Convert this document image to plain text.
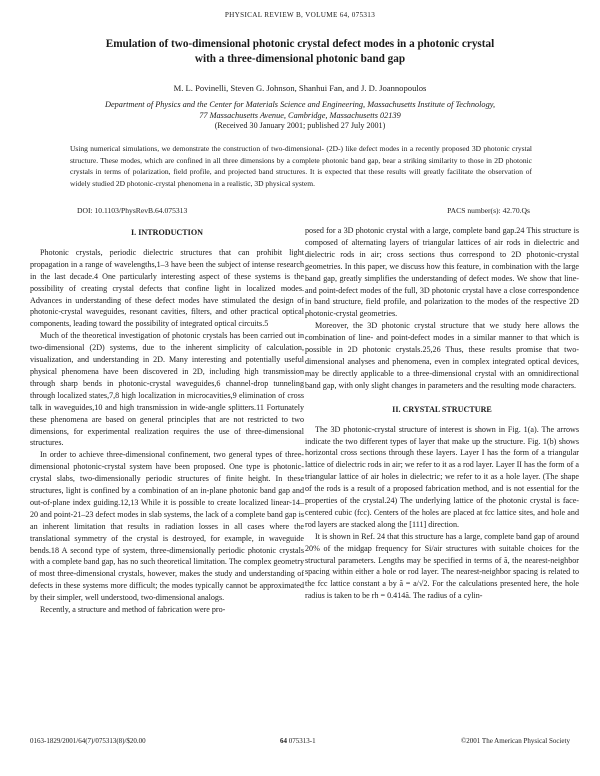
PHYSICAL REVIEW B, VOLUME 64, 075313
Emulation of two-dimensional photonic crystal defect modes in a photonic crystal
with a three-dimensional photonic band gap
M. L. Povinelli, Steven G. Johnson, Shanhui Fan, and J. D. Joannopoulos
Department of Physics and the Center for Materials Science and Engineering, Massachusetts Institute of Technology,
77 Massachusetts Avenue, Cambridge, Massachusetts 02139
(Received 30 January 2001; published 27 July 2001)
Using numerical simulations, we demonstrate the construction of two-dimensional- (2D-) like defect modes in a recently proposed 3D photonic crystal structure. These modes, which are confined in all three dimensions by a complete photonic band gap, bear a striking similarity to those in 2D photonic crystals in terms of polarization, field profile, and projected band structures. It is expected that these results will greatly facilitate the observation of widely studied 2D photonic-crystal phenomena in a realistic, 3D physical system.
DOI: 10.1103/PhysRevB.64.075313	PACS number(s): 42.70.Qs
I. INTRODUCTION

Photonic crystals, periodic dielectric structures that can prohibit light propagation in a range of wavelengths,1–3 have been the subject of intense research in the last decade.4 One particularly interesting aspect of these systems is the possibility of creating crystal defects that confine light in localized modes. Advances in understanding of these defect modes have stimulated the design of photonic-crystal waveguides, resonant cavities, filters, and other practical optical components, leading toward the possibility of integrated optical circuits.5

Much of the theoretical investigation of photonic crystals has been carried out in two-dimensional (2D) systems, due to the inherent simplicity of calculation, visualization, and understanding in 2D. Many interesting and potentially useful physical phenomena have been discovered in 2D, including high transmission through sharp bends in photonic-crystal waveguides,6 channel-drop tunneling through localized states,7,8 high localization in microcavities,9 elimination of cross talk in waveguides,10 and high transmission in wide-angle splitters.11 Fortunately these phenomena are based on general principles that are not restricted to two dimensions, for experimental realization requires the use of three-dimensional structures.

In order to achieve three-dimensional confinement, two general types of three-dimensional photonic-crystal system have been proposed. One type is photonic-crystal slabs, two-dimensionally periodic structures of finite height. In these structures, light is confined by a combination of an in-plane photonic band gap and out-of-plane index guiding.12,13 While it is possible to create localized linear-14–20 and point-21–23 defect modes in slab systems, the lack of a complete band gap is an inherent limitation that results in radiation losses in all cases where the translational symmetry of the crystal is destroyed, for example, in waveguide bends.18 A second type of system, three-dimensionally periodic photonic crystals with a complete band gap, has no such theoretical limitation. The complex geometry of most three-dimensional crystals, however, makes the study and understanding of defects in these systems more difficult; the modes typically cannot be approximated by their simpler, well understood, two-dimensional analogs.

Recently, a structure and method of fabrication were pro-

posed for a 3D photonic crystal with a large, complete band gap.24 This structure is composed of alternating layers of triangular lattices of air rods in dielectric and dielectric rods in air; cross sections thus correspond to 2D photonic-crystal geometries. In this paper, we discuss how this feature, in combination with the large band gap, greatly simplifies the understanding of defect modes. We show that line- and point-defect modes of the full, 3D photonic crystal have a close correspondence in band structure, field profile, and polarization to the modes of the respective 2D photonic-crystal geometries.

Moreover, the 3D photonic crystal structure that we study here allows the combination of line- and point-defect modes in a similar manner to that which is possible in 2D photonic crystals.25,26 Thus, these results promise that two-dimensional analyses and phenomena, even in complex integrated optical devices, may be directly applicable to a three-dimensional crystal with an omnidirectional band gap, with only slight changes in parameters and the resulting mode characters.

II. CRYSTAL STRUCTURE

The 3D photonic-crystal structure of interest is shown in Fig. 1(a). The arrows indicate the two different types of layer that make up the structure. Fig. 1(b) shows horizontal cross sections through these layers. Layer I has the form of a triangular lattice of dielectric rods in air; we refer to it as a rod layer. Layer II has the form of a triangular lattice of air holes in dielectric; we refer to it as a hole layer. (The shape of the rods is a result of a proposed fabrication method, and is not essential for the properties of the crystal.24) The underlying lattice of the photonic crystal is face-centered cubic (fcc). Centers of the holes are placed at fcc lattice sites, and hole and rod layers are stacked along the [111] direction.

It is shown in Ref. 24 that this structure has a large, complete band gap of around 20% of the midgap frequency for Si/air structures with suitable choices for the structural parameters. Lengths may be specified in terms of ã, the nearest-neighbor spacing within either a hole or rod layer. The nearest-neighbor spacing is related to the fcc lattice constant a by ã = a/√2. For the calculations presented here, the hole radius is taken to be rh = 0.414ã. The radius of a cylin-

0163-1829/2001/64(7)/075313(8)/$20.00	64 075313-1	©2001 The American Physical Society
